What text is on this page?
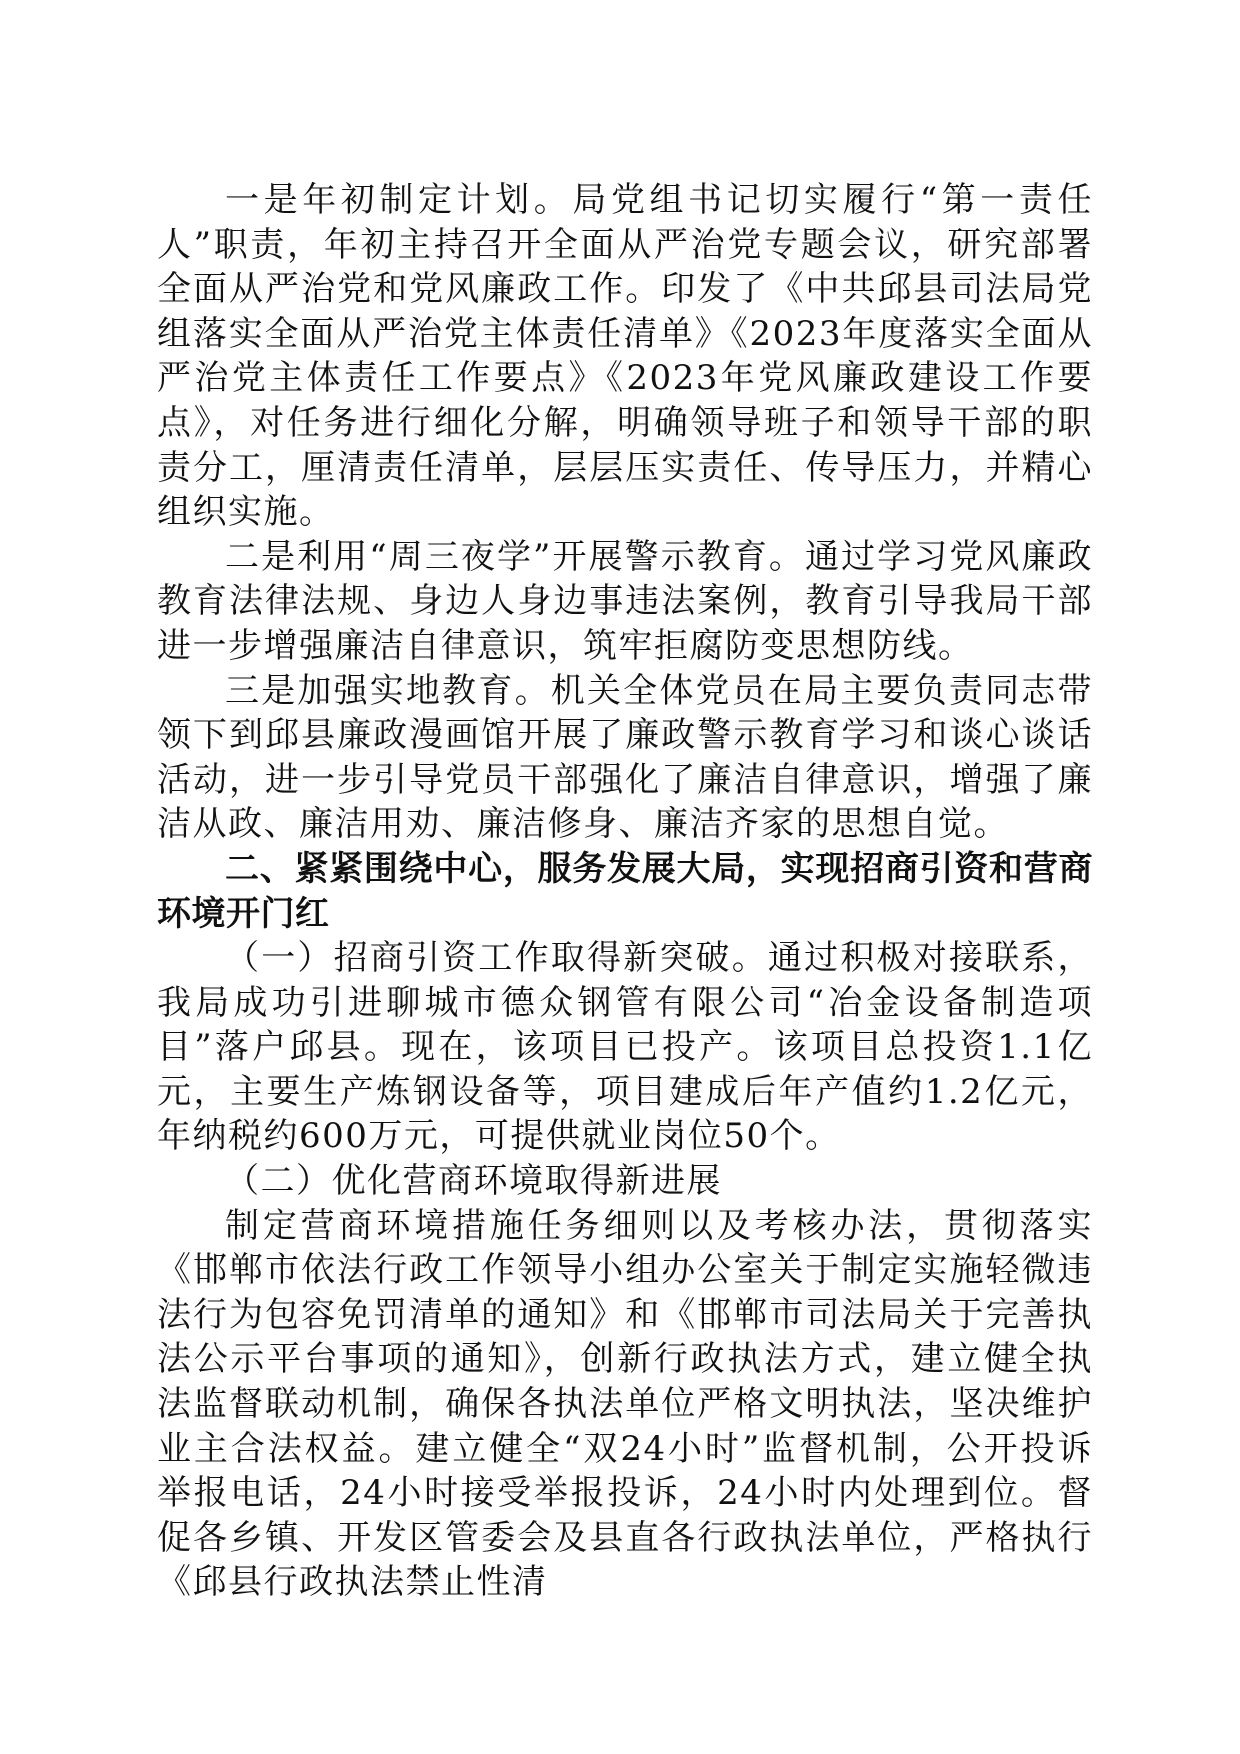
一是年初制定计划。局党组书记切实履行“第一责任人”职责，年初主持召开全面从严治党专题会议，研究部署全面从严治党和党风廉政工作。印发了《中共邱县司法局党组落实全面从严治党主体责任清单》《2023年度落实全面从严治党主体责任工作要点》《2023年党风廉政建设工作要点》，对任务进行细化分解，明确领导班子和领导干部的职责分工，厘清责任清单，层层压实责任、传导压力，并精心组织实施。

二是利用“周三夜学”开展警示教育。通过学习党风廉政教育法律法规、身边人身边事违法案例，教育引导我局干部进一步增强廉洁自律意识，筑牢拒腐防变思想防线。

三是加强实地教育。机关全体党员在局主要负责同志带领下到邱县廉政漫画馆开展了廉政警示教育学习和谈心谈话活动，进一步引导党员干部强化了廉洁自律意识，增强了廉洁从政、廉洁用劝、廉洁修身、廉洁齐家的思想自觉。

二、紧紧围绕中心，服务发展大局，实现招商引资和营商环境开门红

（一）招商引资工作取得新突破。通过积极对接联系，我局成功引进聊城市德众钢管有限公司“冶金设备制造项目”落户邱县。现在，该项目已投产。该项目总投资1.1亿元，主要生产炼钢设备等，项目建成后年产值约1.2亿元，年纳税约600万元，可提供就业岗位50个。

（二）优化营商环境取得新进展

制定营商环境措施任务细则以及考核办法，贯彻落实《邯郸市依法行政工作领导小组办公室关于制定实施轻微违法行为包容免罚清单的通知》和《邯郸市司法局关于完善执法公示平台事项的通知》，创新行政执法方式，建立健全执法监督联动机制，确保各执法单位严格文明执法，坚决维护业主合法权益。建立健全“双24小时”监督机制，公开投诉举报电话，24小时接受举报投诉，24小时内处理到位。督促各乡镇、开发区管委会及县直各行政执法单位，严格执行《邱县行政执法禁止性清
